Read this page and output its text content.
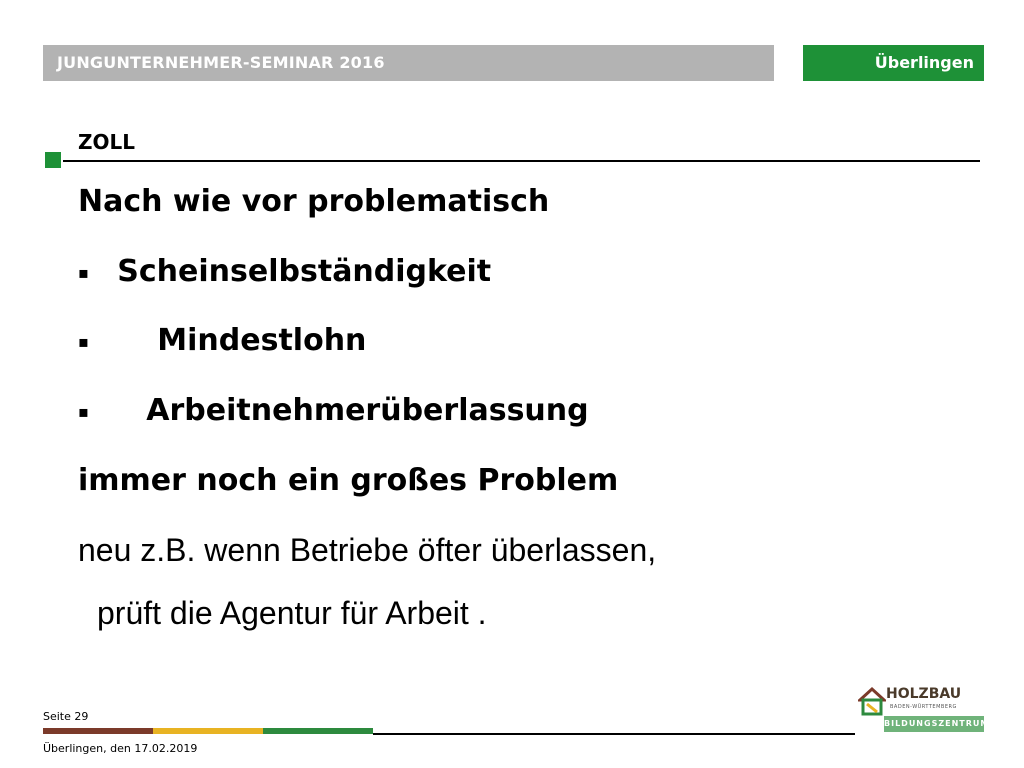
JUNGUNTERNEHMER-SEMINAR 2016	Überlingen
ZOLL
Nach wie vor problematisch
▪ Scheinselbständigkeit
▪ Mindestlohn
▪ Arbeitnehmerüberlassung
immer noch ein großes Problem
neu z.B. wenn Betriebe öfter überlassen,
prüft die Agentur für Arbeit .
Seite 29
Überlingen, den 17.02.2019
HOLZBAU
BADEN-WÜRTTEMBERG
BILDUNGSZENTRUM
